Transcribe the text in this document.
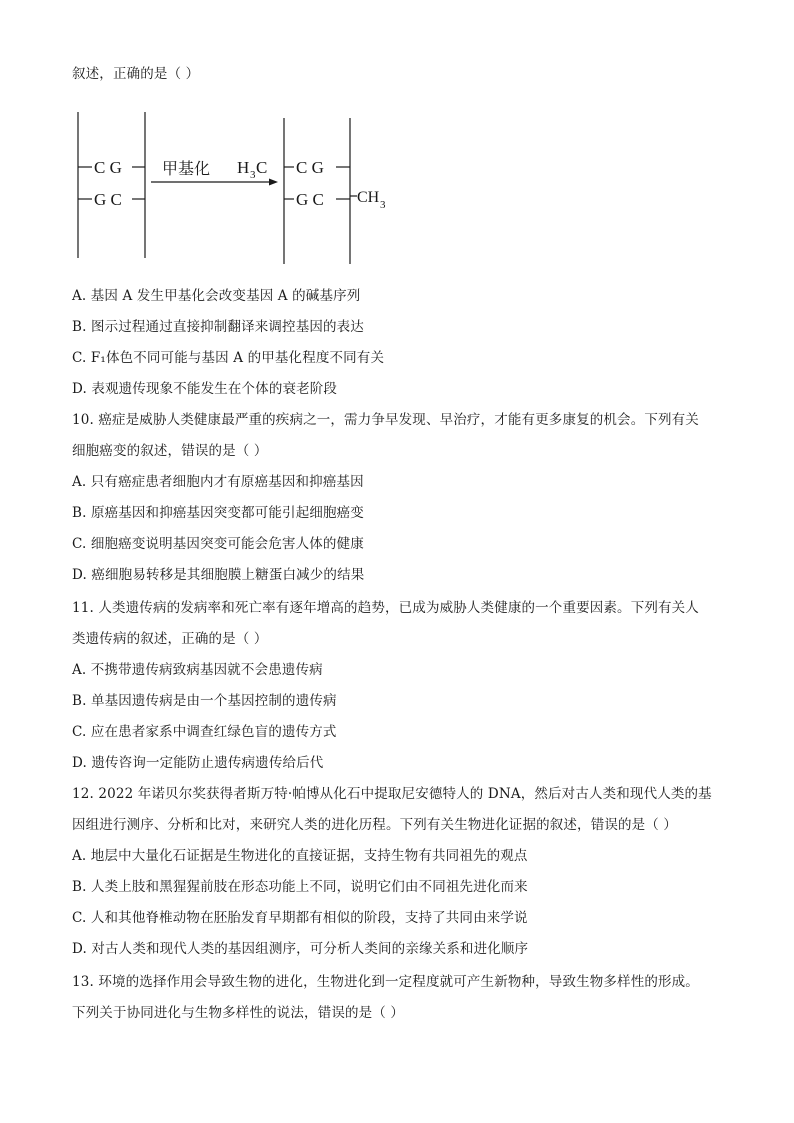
叙述，正确的是（ ）
C G
G C
甲基化 H 3 C C G
G C CH 3
A. 基因 A 发生甲基化会改变基因 A 的碱基序列
B. 图示过程通过直接抑制翻译来调控基因的表达
C. F₁体色不同可能与基因 A 的甲基化程度不同有关
D. 表观遗传现象不能发生在个体的衰老阶段
10. 癌症是威胁人类健康最严重的疾病之一，需力争早发现、早治疗，才能有更多康复的机会。下列有关
细胞癌变的叙述，错误的是（ ）
A. 只有癌症患者细胞内才有原癌基因和抑癌基因
B. 原癌基因和抑癌基因突变都可能引起细胞癌变
C. 细胞癌变说明基因突变可能会危害人体的健康
D. 癌细胞易转移是其细胞膜上糖蛋白减少的结果
11. 人类遗传病的发病率和死亡率有逐年增高的趋势，已成为威胁人类健康的一个重要因素。下列有关人
类遗传病的叙述，正确的是（ ）
A. 不携带遗传病致病基因就不会患遗传病
B. 单基因遗传病是由一个基因控制的遗传病
C. 应在患者家系中调查红绿色盲的遗传方式
D. 遗传咨询一定能防止遗传病遗传给后代
12. 2022 年诺贝尔奖获得者斯万特·帕博从化石中提取尼安德特人的 DNA，然后对古人类和现代人类的基
因组进行测序、分析和比对，来研究人类的进化历程。下列有关生物进化证据的叙述，错误的是（ ）
A. 地层中大量化石证据是生物进化的直接证据，支持生物有共同祖先的观点
B. 人类上肢和黑猩猩前肢在形态功能上不同，说明它们由不同祖先进化而来
C. 人和其他脊椎动物在胚胎发育早期都有相似的阶段，支持了共同由来学说
D. 对古人类和现代人类的基因组测序，可分析人类间的亲缘关系和进化顺序
13. 环境的选择作用会导致生物的进化，生物进化到一定程度就可产生新物种，导致生物多样性的形成。
下列关于协同进化与生物多样性的说法，错误的是（ ）
